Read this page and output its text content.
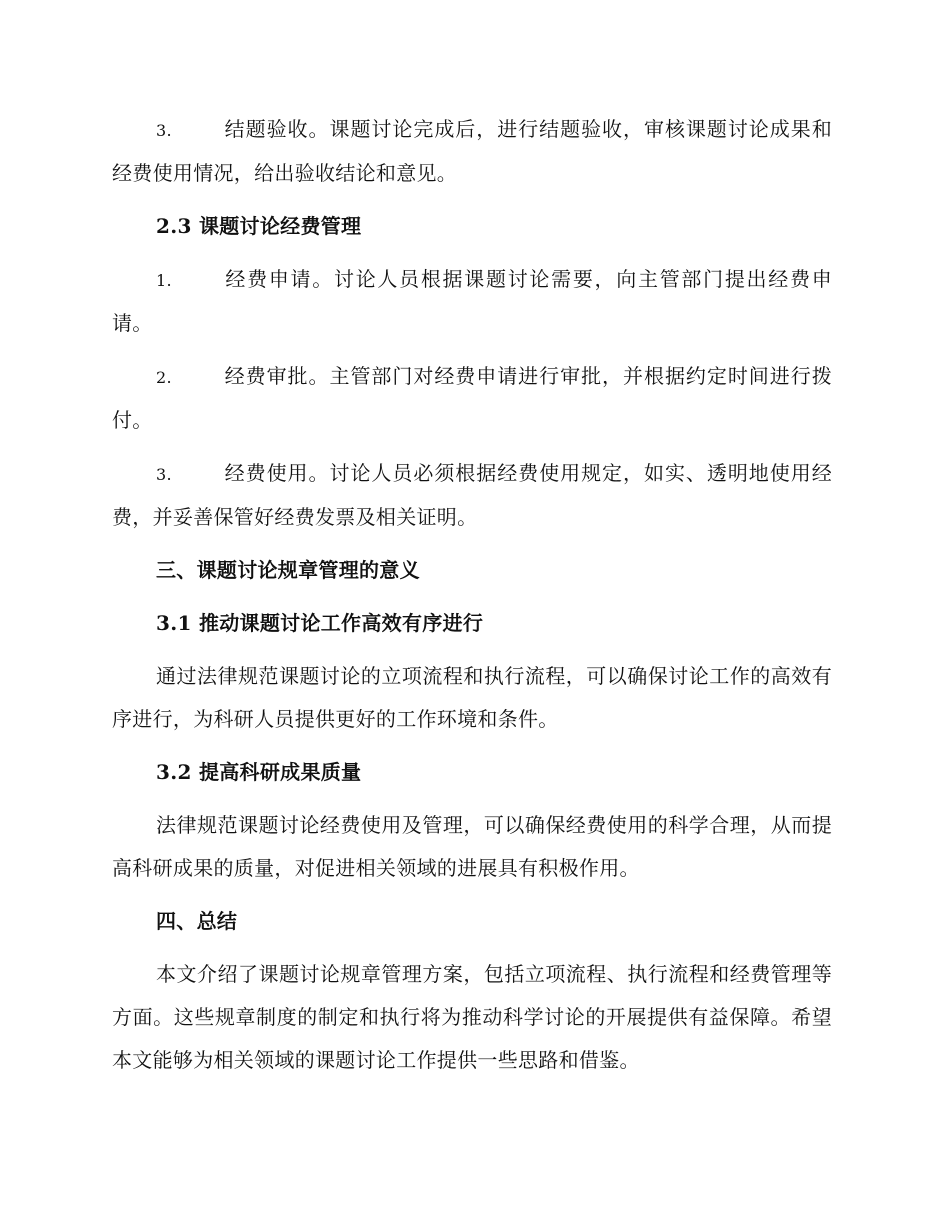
3.	结题验收。课题讨论完成后，进行结题验收，审核课题讨论成果和经费使用情况，给出验收结论和意见。

2.3 课题讨论经费管理

1.	经费申请。讨论人员根据课题讨论需要，向主管部门提出经费申请。

2.	经费审批。主管部门对经费申请进行审批，并根据约定时间进行拨付。

3.	经费使用。讨论人员必须根据经费使用规定，如实、透明地使用经费，并妥善保管好经费发票及相关证明。

三、课题讨论规章管理的意义

3.1 推动课题讨论工作高效有序进行

通过法律规范课题讨论的立项流程和执行流程，可以确保讨论工作的高效有序进行，为科研人员提供更好的工作环境和条件。

3.2 提高科研成果质量

法律规范课题讨论经费使用及管理，可以确保经费使用的科学合理，从而提高科研成果的质量，对促进相关领域的进展具有积极作用。

四、总结

本文介绍了课题讨论规章管理方案，包括立项流程、执行流程和经费管理等方面。这些规章制度的制定和执行将为推动科学讨论的开展提供有益保障。希望本文能够为相关领域的课题讨论工作提供一些思路和借鉴。
